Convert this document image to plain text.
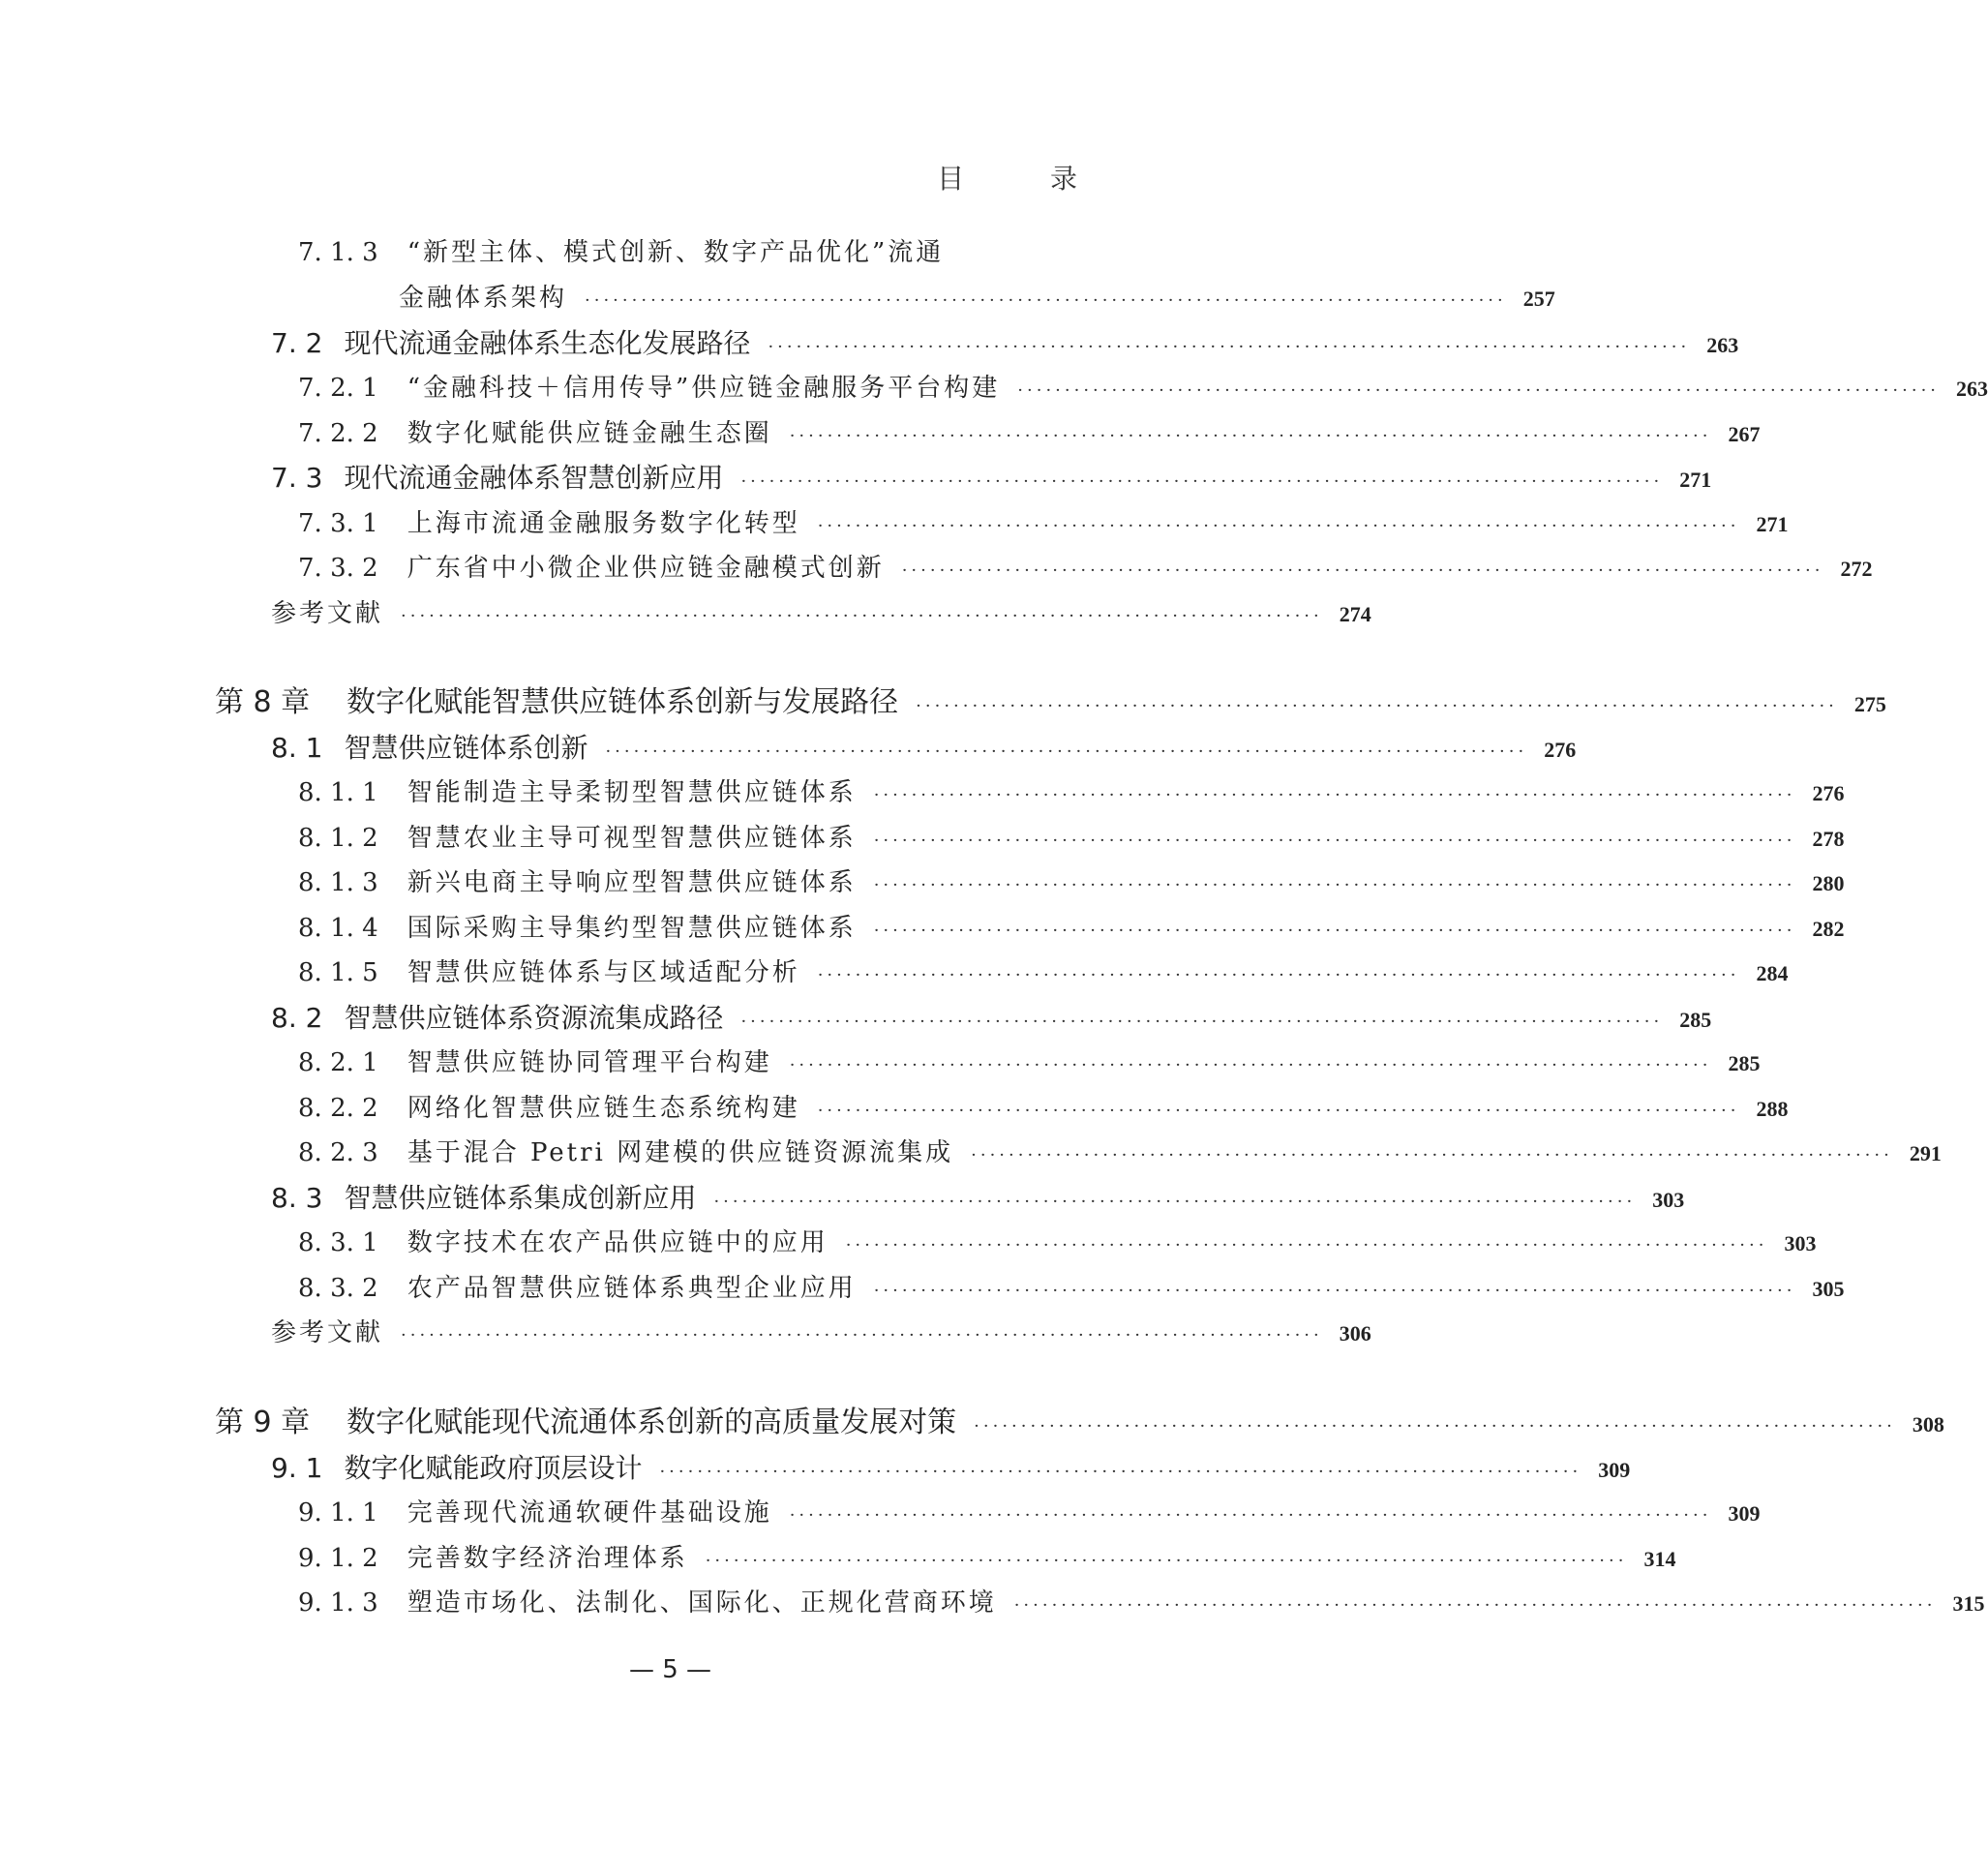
目 录
7. 1. 3 “新型主体、模式创新、数字产品优化”流通
金融体系架构 ·································································································· 257
7. 2 现代流通金融体系生态化发展路径 ·································································································· 263
7. 2. 1 “金融科技＋信用传导”供应链金融服务平台构建 ·································································································· 263
7. 2. 2 数字化赋能供应链金融生态圈 ·································································································· 267
7. 3 现代流通金融体系智慧创新应用 ·································································································· 271
7. 3. 1 上海市流通金融服务数字化转型 ·································································································· 271
7. 3. 2 广东省中小微企业供应链金融模式创新 ·································································································· 272
参考文献 ·································································································· 274
第 8 章 数字化赋能智慧供应链体系创新与发展路径 ·································································································· 275
8. 1 智慧供应链体系创新 ·································································································· 276
8. 1. 1 智能制造主导柔韧型智慧供应链体系 ·································································································· 276
8. 1. 2 智慧农业主导可视型智慧供应链体系 ·································································································· 278
8. 1. 3 新兴电商主导响应型智慧供应链体系 ·································································································· 280
8. 1. 4 国际采购主导集约型智慧供应链体系 ·································································································· 282
8. 1. 5 智慧供应链体系与区域适配分析 ·································································································· 284
8. 2 智慧供应链体系资源流集成路径 ·································································································· 285
8. 2. 1 智慧供应链协同管理平台构建 ·································································································· 285
8. 2. 2 网络化智慧供应链生态系统构建 ·································································································· 288
8. 2. 3 基于混合 Petri 网建模的供应链资源流集成 ·································································································· 291
8. 3 智慧供应链体系集成创新应用 ·································································································· 303
8. 3. 1 数字技术在农产品供应链中的应用 ·································································································· 303
8. 3. 2 农产品智慧供应链体系典型企业应用 ·································································································· 305
参考文献 ·································································································· 306
第 9 章 数字化赋能现代流通体系创新的高质量发展对策 ·································································································· 308
9. 1 数字化赋能政府顶层设计 ·································································································· 309
9. 1. 1 完善现代流通软硬件基础设施 ·································································································· 309
9. 1. 2 完善数字经济治理体系 ·································································································· 314
9. 1. 3 塑造市场化、法制化、国际化、正规化营商环境 ·································································································· 315
— 5 —
